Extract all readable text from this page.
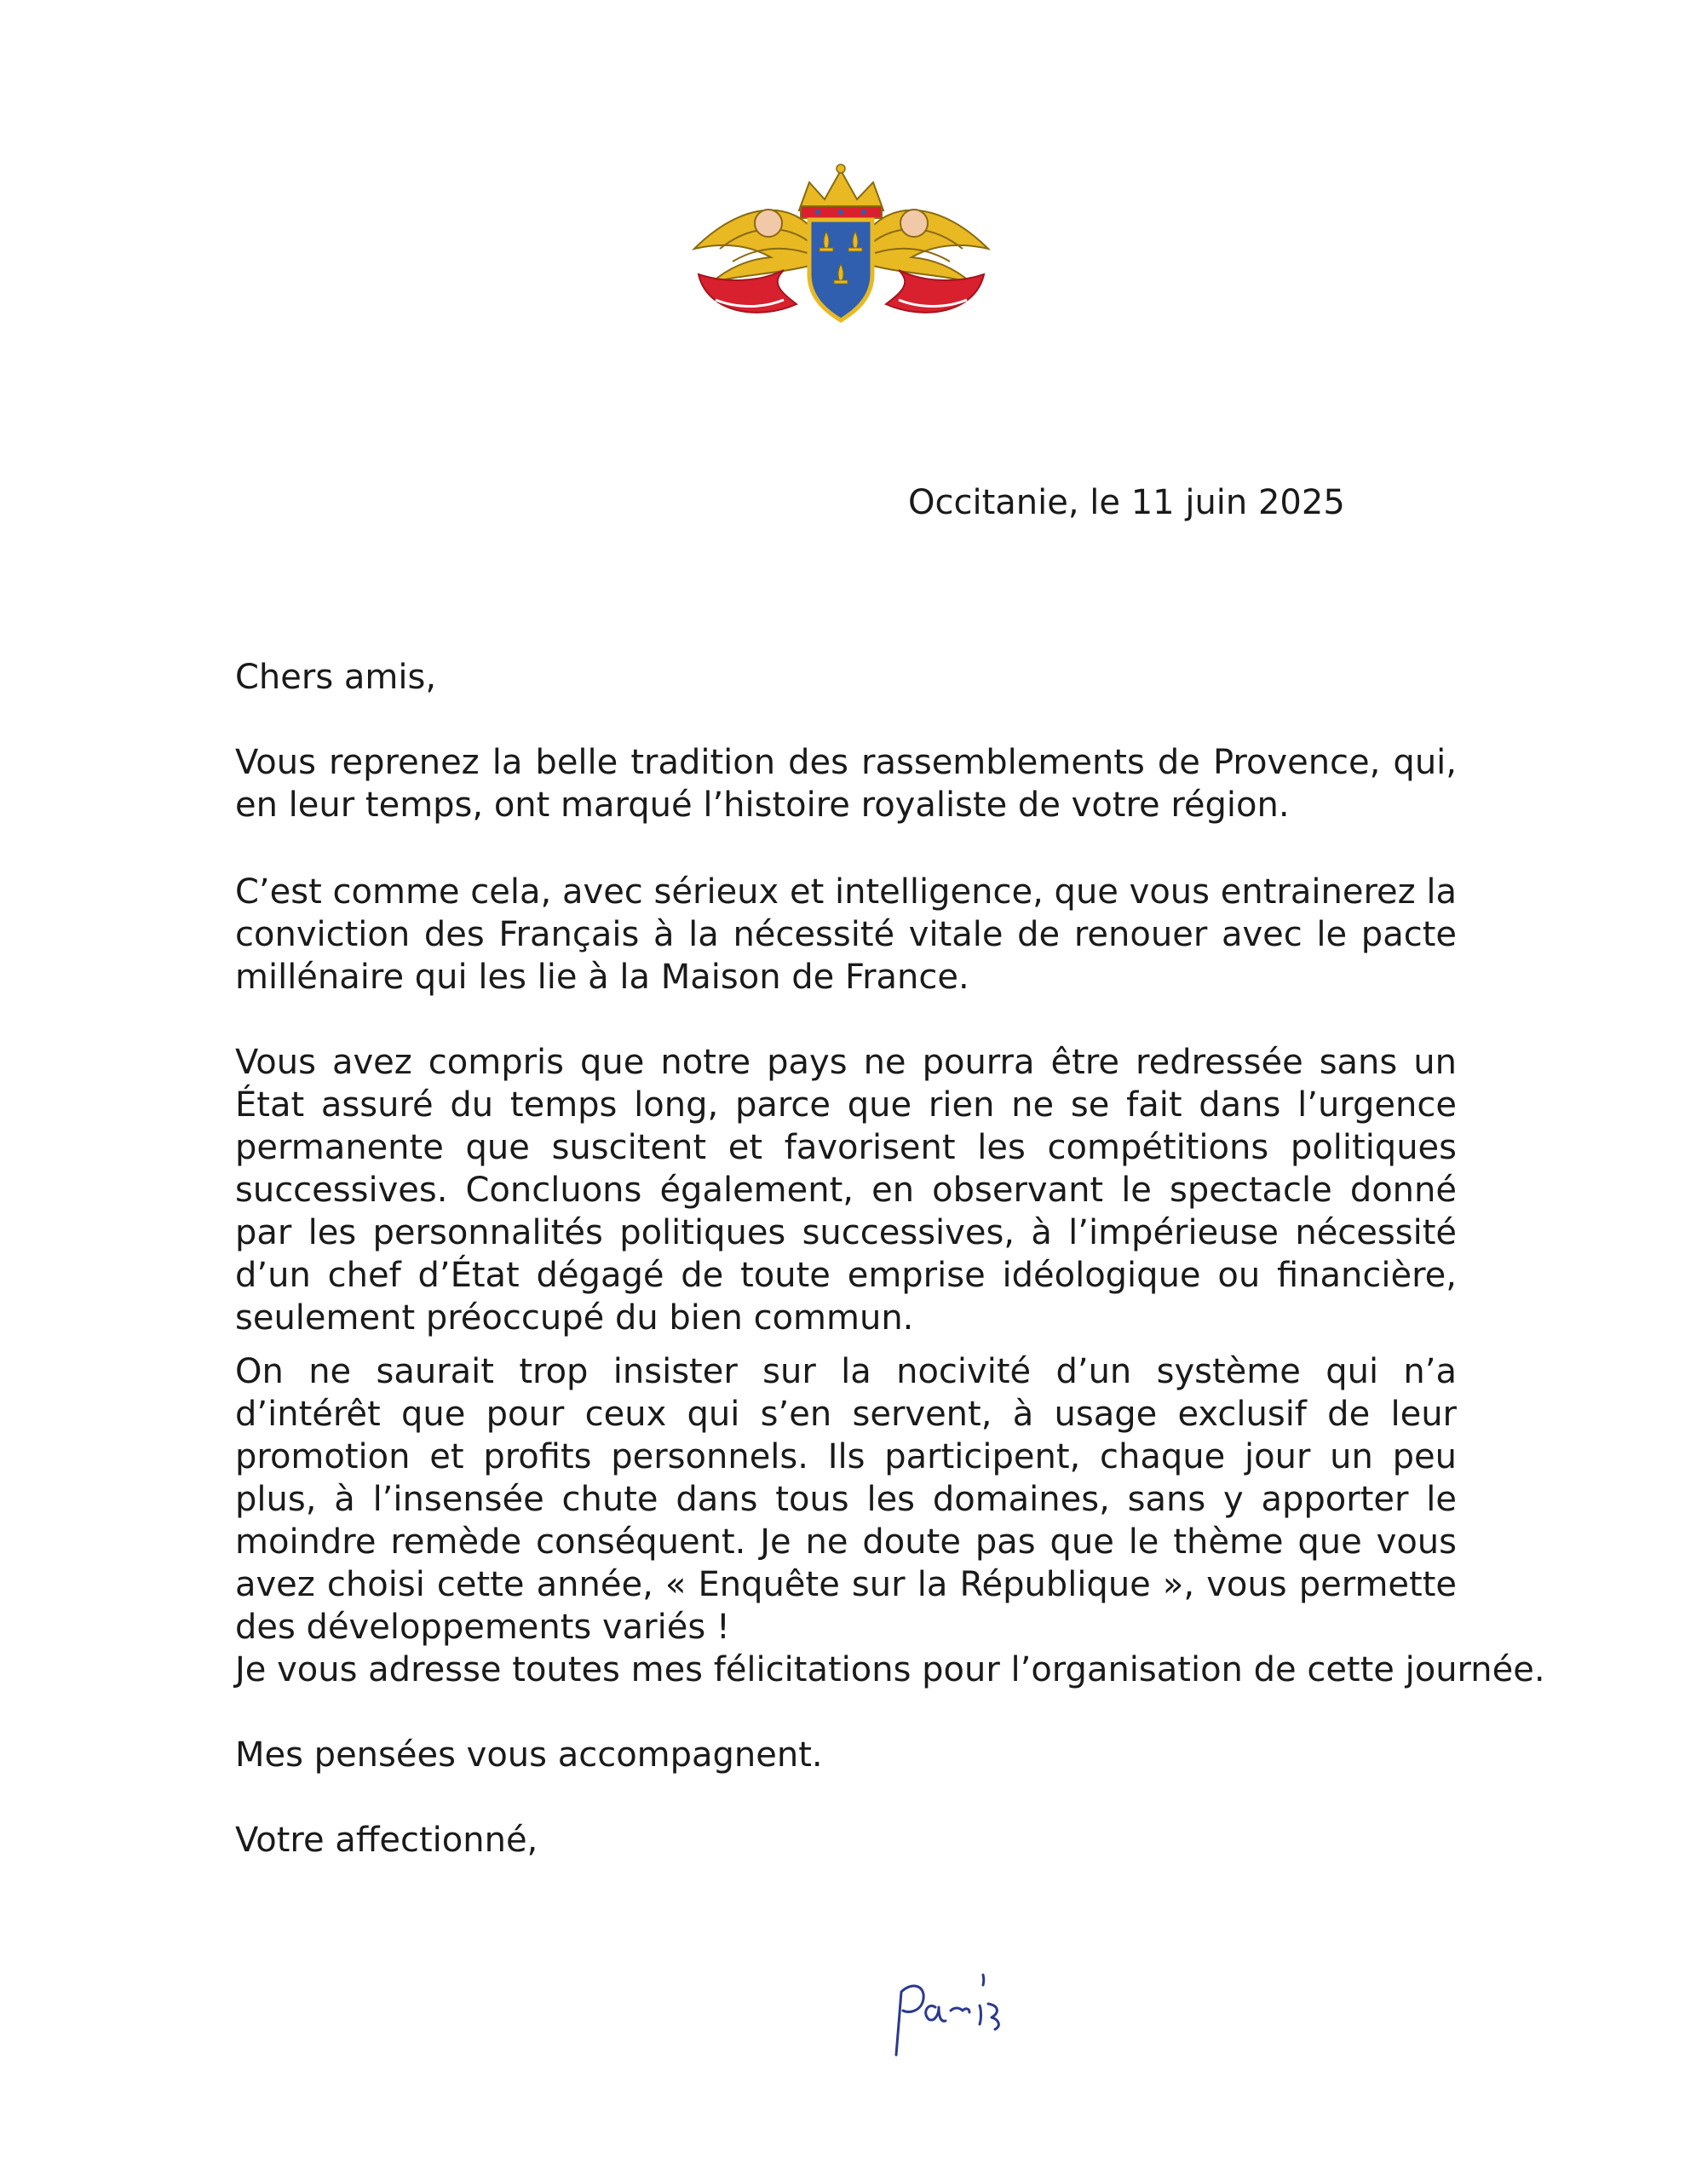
Occitanie, le 11 juin 2025
Chers amis,

Vous reprenez la belle tradition des rassemblements de Provence, qui, en leur temps, ont marqué l’histoire royaliste de votre région.

C’est comme cela, avec sérieux et intelligence, que vous entrainerez la conviction des Français à la nécessité vitale de renouer avec le pacte millénaire qui les lie à la Maison de France.

Vous avez compris que notre pays ne pourra être redressée sans un État assuré du temps long, parce que rien ne se fait dans l’urgence permanente que suscitent et favorisent les compétitions politiques successives. Concluons également, en observant le spectacle donné par les personnalités politiques successives, à l’impérieuse nécessité d’un chef d’État dégagé de toute emprise idéologique ou financière, seulement préoccupé du bien commun.

On ne saurait trop insister sur la nocivité d’un système qui n’a d’intérêt que pour ceux qui s’en servent, à usage exclusif de leur promotion et profits personnels. Ils participent, chaque jour un peu plus, à l’insensée chute dans tous les domaines, sans y apporter le moindre remède conséquent. Je ne doute pas que le thème que vous avez choisi cette année, « Enquête sur la République », vous permette des développements variés !

Je vous adresse toutes mes félicitations pour l’organisation de cette journée.
Mes pensées vous accompagnent.
Votre affectionné,
